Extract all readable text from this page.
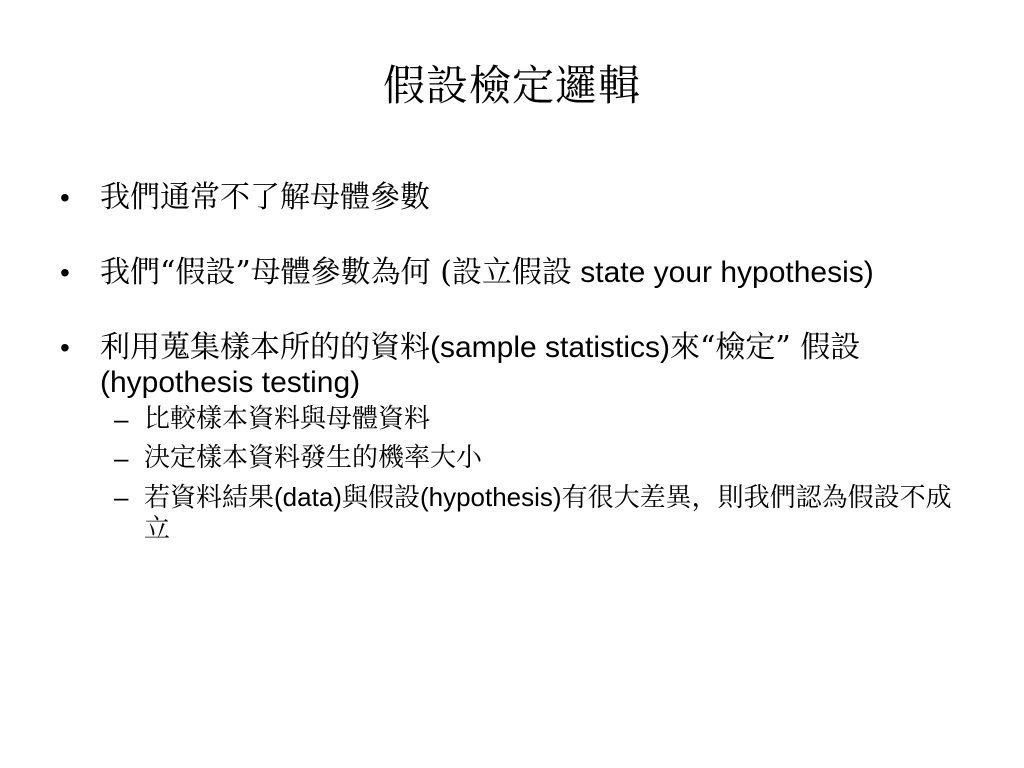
假設檢定邏輯
• 我們通常不了解母體參數
• 我們“假設”母體參數為何 (設立假設 state your hypothesis)
• 利用蒐集樣本所的的資料(sample statistics)來“檢定” 假設 (hypothesis testing)
– 比較樣本資料與母體資料
– 決定樣本資料發生的機率大小
– 若資料結果(data)與假設(hypothesis)有很大差異，則我們認為假設不成立
